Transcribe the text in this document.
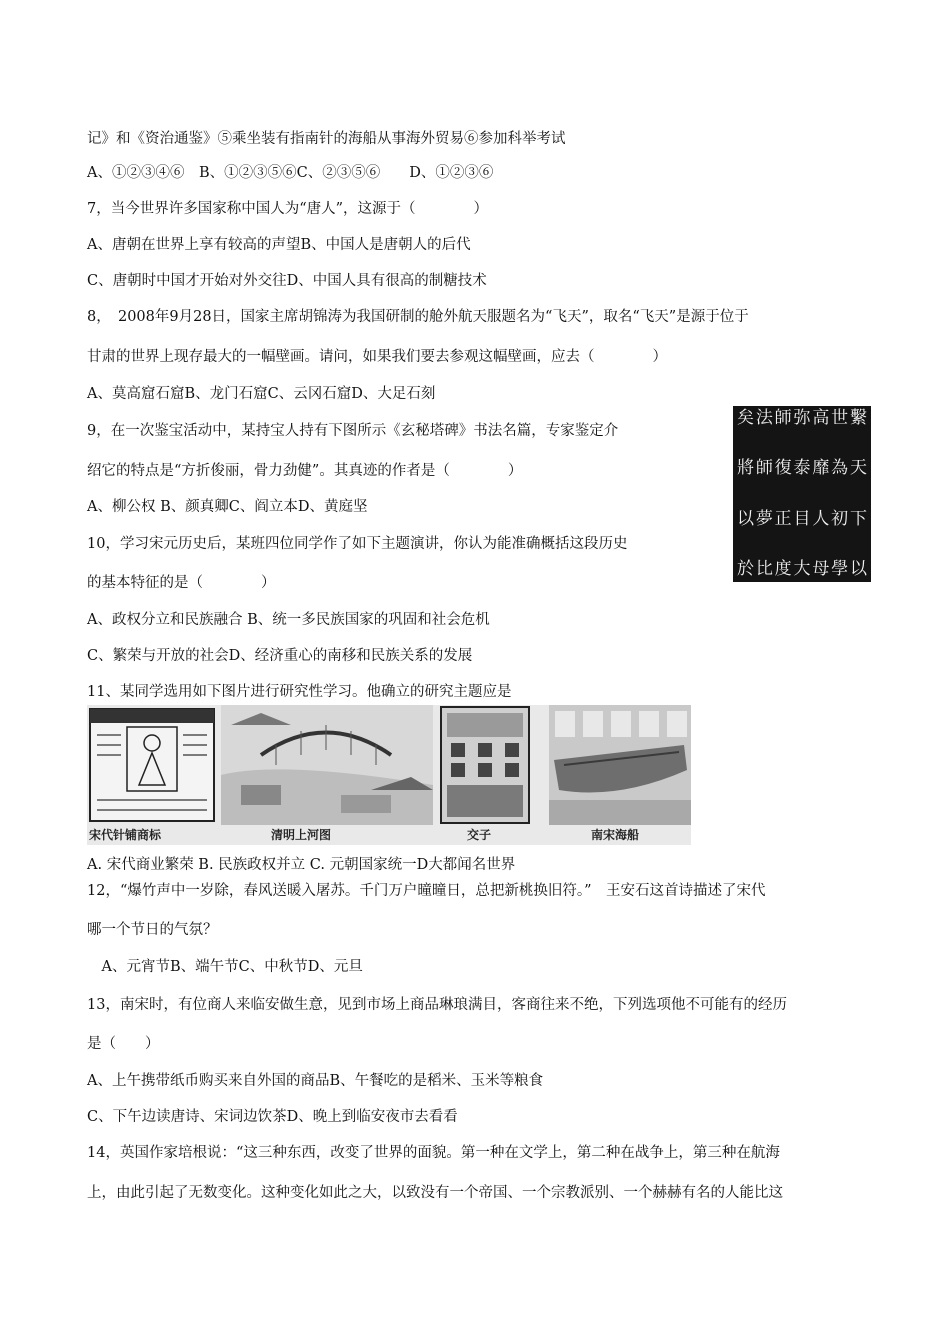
记》和《资治通鉴》⑤乘坐装有指南针的海船从事海外贸易⑥参加科举考试
A、①②③④⑥　B、①②③⑤⑥C、②③⑤⑥　　D、①②③⑥
7，当今世界许多国家称中国人为“唐人”，这源于（　　　　）
A、唐朝在世界上享有较高的声望B、中国人是唐朝人的后代
C、唐朝时中国才开始对外交往D、中国人具有很高的制糖技术
8，　2008年9月28日，国家主席胡锦涛为我国研制的舱外航天服题名为“飞天”，取名“飞天”是源于位于
甘肃的世界上现存最大的一幅壁画。请问，如果我们要去参观这幅壁画，应去（　　　　）
A、莫高窟石窟B、龙门石窟C、云冈石窟D、大足石刻
9，在一次鉴宝活动中，某持宝人持有下图所示《玄秘塔碑》书法名篇，专家鉴定介
绍它的特点是“方折俊丽，骨力劲健”。其真迹的作者是（　　　　）
A、柳公权 B、颜真卿C、阎立本D、黄庭坚
10，学习宋元历史后，某班四位同学作了如下主题演讲，你认为能准确概括这段历史
的基本特征的是（　　　　）
A、政权分立和民族融合 B、统一多民族国家的巩固和社会危机
C、繁荣与开放的社会D、经济重心的南移和民族关系的发展
11、某同学选用如下图片进行研究性学习。他确立的研究主题应是
A. 宋代商业繁荣 B. 民族政权并立 C. 元朝国家统一D大都闻名世界
12，“爆竹声中一岁除，春风送暖入屠苏。千门万户曈曈日，总把新桃换旧符。”　王安石这首诗描述了宋代
哪一个节日的气氛？
　A、元宵节B、端午节C、中秋节D、元旦
13，南宋时，有位商人来临安做生意，见到市场上商品琳琅满目，客商往来不绝，下列选项他不可能有的经历
是（　　）
A、上午携带纸币购买来自外国的商品B、午餐吃的是稻米、玉米等粮食
C、下午边读唐诗、宋词边饮茶D、晚上到临安夜市去看看
14，英国作家培根说：“这三种东西，改变了世界的面貌。第一种在文学上，第二种在战争上，第三种在航海
上，由此引起了无数变化。这种变化如此之大，以致没有一个帝国、一个宗教派别、一个赫赫有名的人能比这
繫
天
下
以
世
為
初
學
高
靡
人
母
弥
泰
目
大
師
復
正
度
法
師
夢
比
矣
將
以
於
宋代针铺商标	清明上河图	交子	南宋海船
